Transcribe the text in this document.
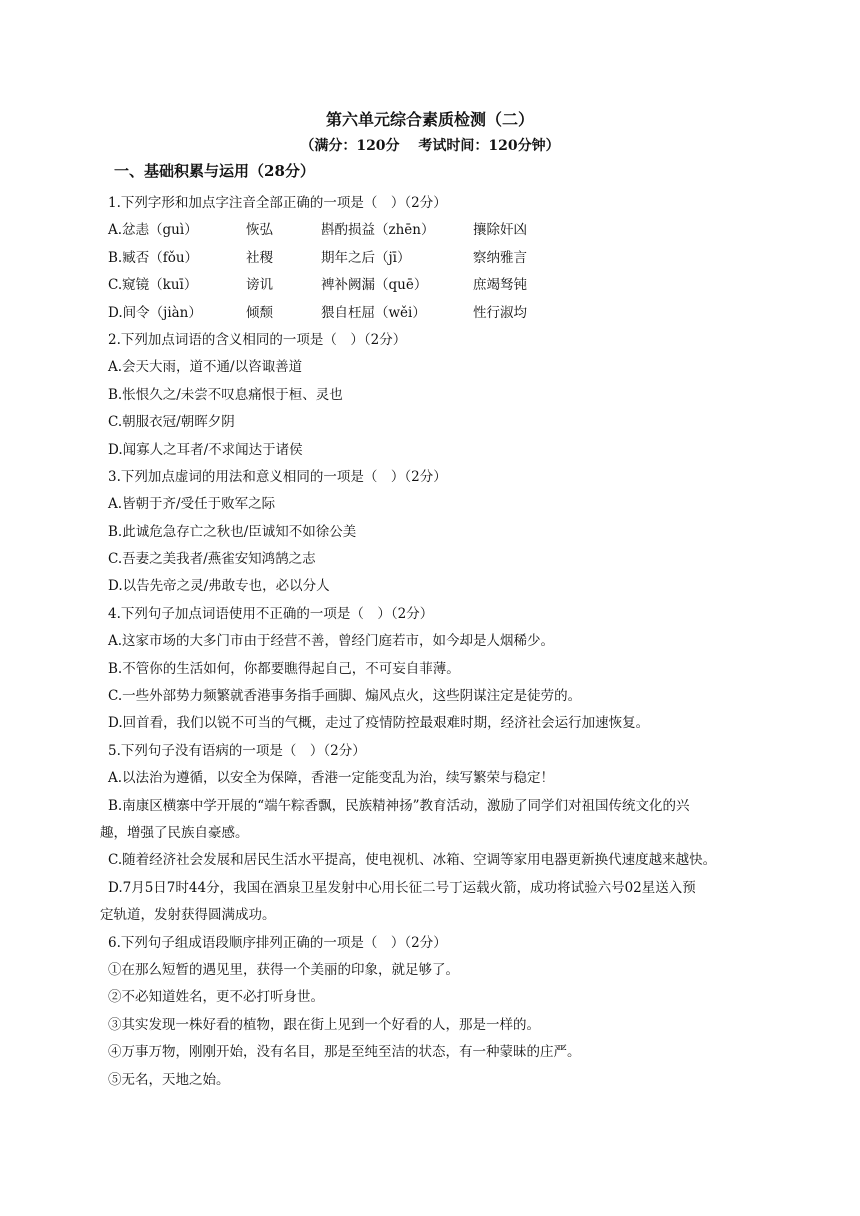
第六单元综合素质检测（二）
（满分：120分　 考试时间：120分钟）
一、基础积累与运用（28分）
1.下列字形和加点字注音全部正确的一项是（　）（2分）
A.忿恚（guì）	恢弘	斟酌损益（zhēn）	攘除奸凶
B.臧否（fǒu）	社稷	期年之后（jī）	察纳雅言
C.窥镜（kuī）	谤讥	裨补阙漏（quē）	庶竭驽钝
D.间令（jiàn）	倾颓	猥自枉屈（wěi）	性行淑均
2.下列加点词语的含义相同的一项是（　）（2分）
A.会天大雨，道不通/以咨诹善道
B.怅恨久之/未尝不叹息痛恨于桓、灵也
C.朝服衣冠/朝晖夕阴
D.闻寡人之耳者/不求闻达于诸侯
3.下列加点虚词的用法和意义相同的一项是（　）（2分）
A.皆朝于齐/受任于败军之际
B.此诚危急存亡之秋也/臣诚知不如徐公美
C.吾妻之美我者/燕雀安知鸿鹄之志
D.以告先帝之灵/弗敢专也，必以分人
4.下列句子加点词语使用不正确的一项是（　）（2分）
A.这家市场的大多门市由于经营不善，曾经门庭若市，如今却是人烟稀少。
B.不管你的生活如何，你都要瞧得起自己，不可妄自菲薄。
C.一些外部势力频繁就香港事务指手画脚、煽风点火，这些阴谋注定是徒劳的。
D.回首看，我们以锐不可当的气概，走过了疫情防控最艰难时期，经济社会运行加速恢复。
5.下列句子没有语病的一项是（　）（2分）
A.以法治为遵循，以安全为保障，香港一定能变乱为治，续写繁荣与稳定！
B.南康区横寨中学开展的“端午粽香飘，民族精神扬”教育活动，激励了同学们对祖国传统文化的兴
趣，增强了民族自豪感。
C.随着经济社会发展和居民生活水平提高，使电视机、冰箱、空调等家用电器更新换代速度越来越快。
D.7月5日7时44分，我国在酒泉卫星发射中心用长征二号丁运载火箭，成功将试验六号02星送入预
定轨道，发射获得圆满成功。
6.下列句子组成语段顺序排列正确的一项是（　）（2分）
①在那么短暂的遇见里，获得一个美丽的印象，就足够了。
②不必知道姓名，更不必打听身世。
③其实发现一株好看的植物，跟在街上见到一个好看的人，那是一样的。
④万事万物，刚刚开始，没有名目，那是至纯至洁的状态，有一种蒙昧的庄严。
⑤无名，天地之始。
